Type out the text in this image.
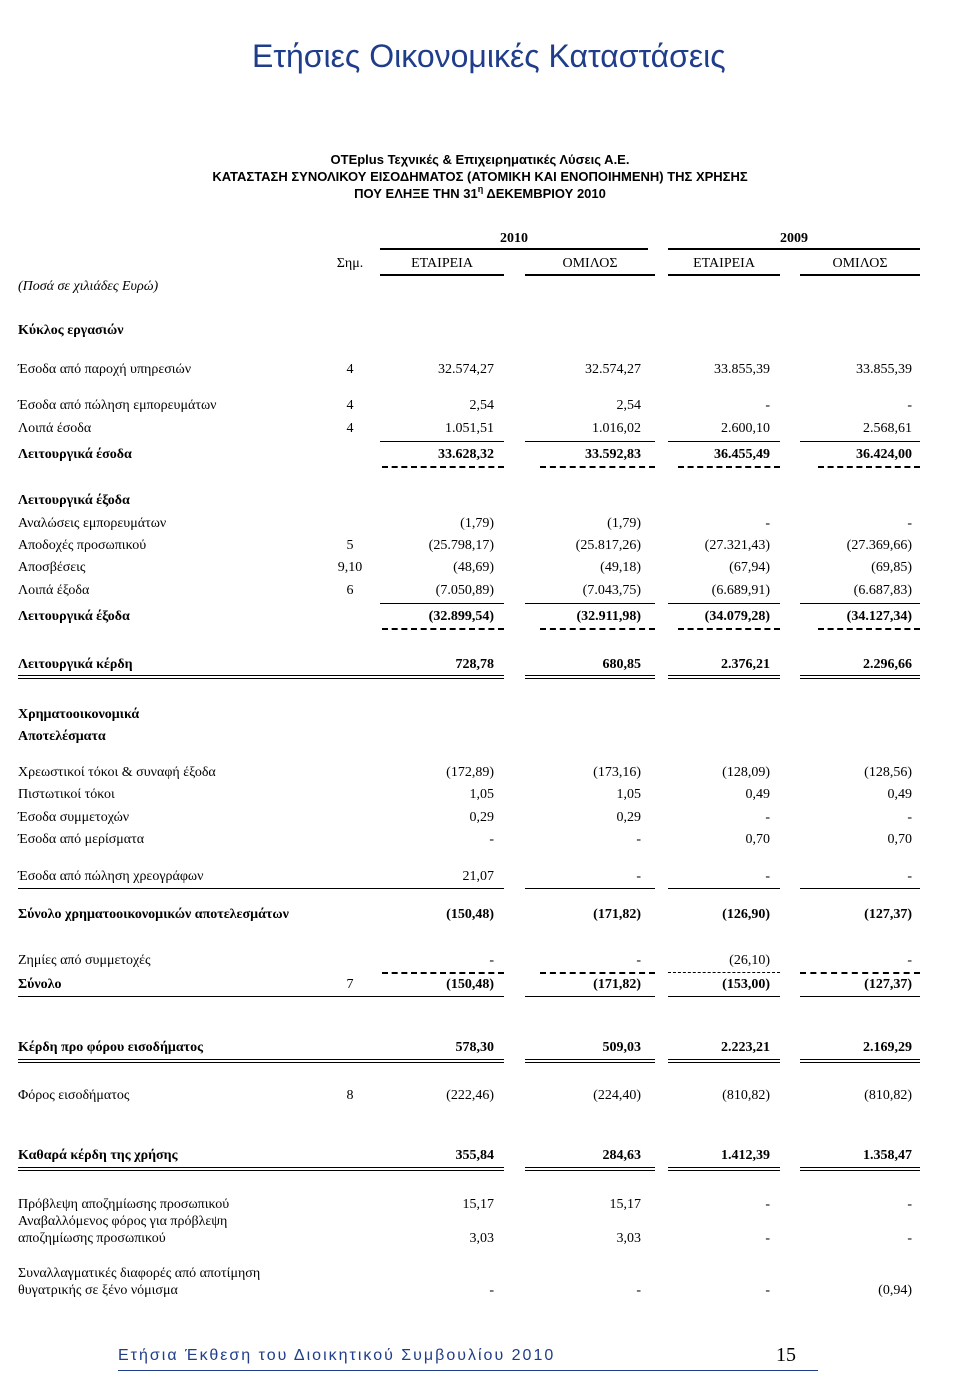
Ετήσιες Οικονομικές Καταστάσεις
OTEplus Τεχνικές & Επιχειρηματικές Λύσεις Α.Ε.
ΚΑΤΑΣΤΑΣΗ ΣΥΝΟΛΙΚΟΥ ΕΙΣΟΔΗΜΑΤΟΣ (ΑΤΟΜΙΚΗ ΚΑΙ ΕΝΟΠΟΙΗΜΕΝΗ) ΤΗΣ ΧΡΗΣΗΣ
ΠΟΥ ΕΛΗΞΕ ΤΗΝ $31^\eta$ ΔΕΚΕΜΒΡΙΟΥ 2010
2010	2009
Σημ.	ΕΤΑΙΡΕΙΑ	ΟΜΙΛΟΣ	ΕΤΑΙΡΕΙΑ	ΟΜΙΛΟΣ
(Ποσά σε χιλιάδες Ευρώ)
Κύκλος εργασιών
Έσοδα από παροχή υπηρεσιών	4	32.574,27	32.574,27	33.855,39	33.855,39
Έσοδα από πώληση εμπορευμάτων	4	2,54	2,54	-	-
Λοιπά έσοδα	4	1.051,51	1.016,02	2.600,10	2.568,61
Λειτουργικά έσοδα	33.628,32	33.592,83	36.455,49	36.424,00
Λειτουργικά έξοδα
Αναλώσεις εμπορευμάτων	(1,79)	(1,79)	-	-
Αποδοχές προσωπικού	5	(25.798,17)	(25.817,26)	(27.321,43)	(27.369,66)
Αποσβέσεις	9,10	(48,69)	(49,18)	(67,94)	(69,85)
Λοιπά έξοδα	6	(7.050,89)	(7.043,75)	(6.689,91)	(6.687,83)
Λειτουργικά έξοδα	(32.899,54)	(32.911,98)	(34.079,28)	(34.127,34)
Λειτουργικά κέρδη	728,78	680,85	2.376,21	2.296,66
Χρηματοοικονομικά
Αποτελέσματα
Χρεωστικοί τόκοι & συναφή έξοδα	(172,89)	(173,16)	(128,09)	(128,56)
Πιστωτικοί τόκοι	1,05	1,05	0,49	0,49
Έσοδα συμμετοχών	0,29	0,29	-	-
Έσοδα από μερίσματα	-	-	0,70	0,70
Έσοδα από πώληση χρεογράφων	21,07	-	-	-
Σύνολο χρηματοοικονομικών αποτελεσμάτων	(150,48)	(171,82)	(126,90)	(127,37)
Ζημίες από συμμετοχές	-	-	(26,10)	-
Σύνολο	7	(150,48)	(171,82)	(153,00)	(127,37)
Κέρδη προ φόρου εισοδήματος	578,30	509,03	2.223,21	2.169,29
Φόρος εισοδήματος	8	(222,46)	(224,40)	(810,82)	(810,82)
Καθαρά κέρδη της χρήσης	355,84	284,63	1.412,39	1.358,47
Πρόβλεψη αποζημίωσης προσωπικού	15,17	15,17	-	-
Αναβαλλόμενος φόρος για πρόβλεψη
αποζημίωσης προσωπικού	3,03	3,03	-	-
Συναλλαγματικές διαφορές από αποτίμηση
θυγατρικής σε ξένο νόμισμα	-	-	-	(0,94)
Ετήσια Έκθεση του Διοικητικού Συμβουλίου 2010	15
